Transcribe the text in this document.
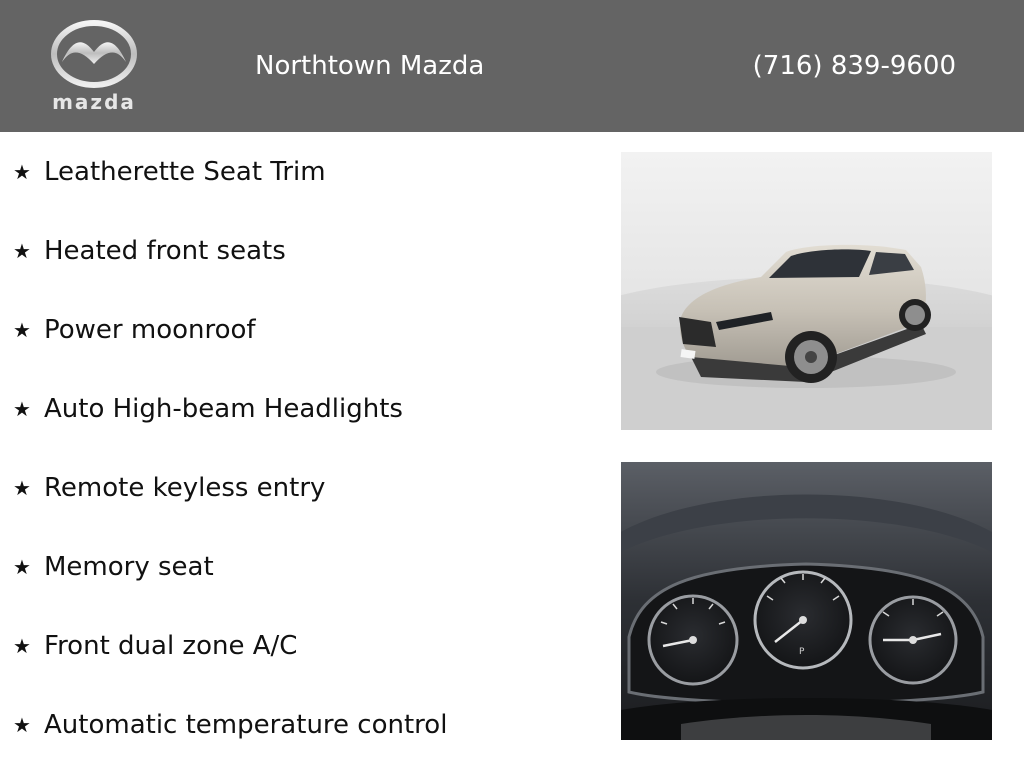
mazda
Northtown Mazda	(716) 839-9600
★ Leatherette Seat Trim
★ Heated front seats
★ Power moonroof
★ Auto High-beam Headlights
★ Remote keyless entry
★ Memory seat
★ Front dual zone A/C
★ Automatic temperature control
P
